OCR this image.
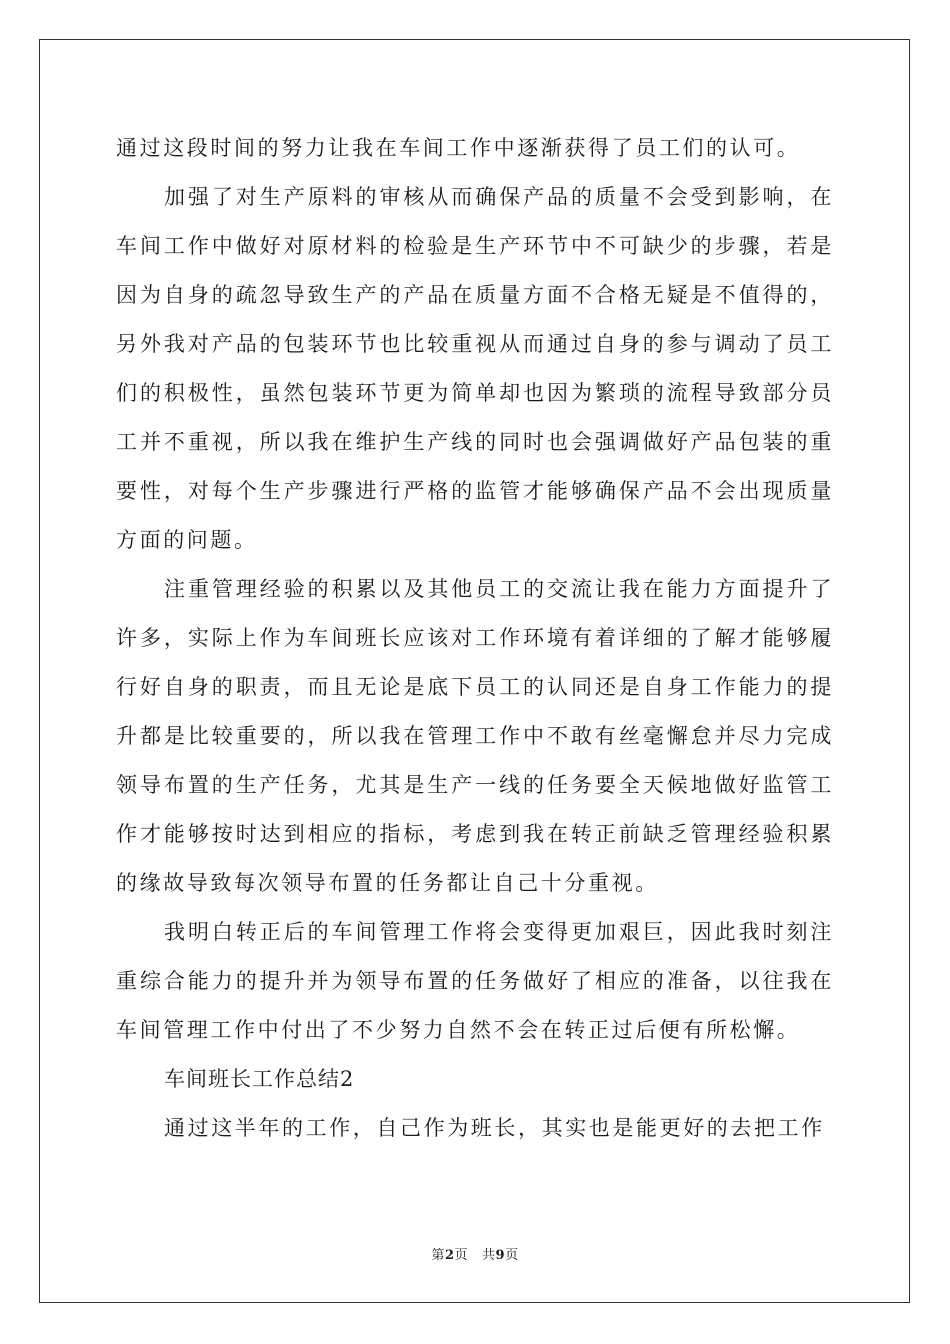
通过这段时间的努力让我在车间工作中逐渐获得了员工们的认可。

加强了对生产原料的审核从而确保产品的质量不会受到影响，在车间工作中做好对原材料的检验是生产环节中不可缺少的步骤，若是因为自身的疏忽导致生产的产品在质量方面不合格无疑是不值得的，另外我对产品的包装环节也比较重视从而通过自身的参与调动了员工们的积极性，虽然包装环节更为简单却也因为繁琐的流程导致部分员工并不重视，所以我在维护生产线的同时也会强调做好产品包装的重要性，对每个生产步骤进行严格的监管才能够确保产品不会出现质量方面的问题。

注重管理经验的积累以及其他员工的交流让我在能力方面提升了许多，实际上作为车间班长应该对工作环境有着详细的了解才能够履行好自身的职责，而且无论是底下员工的认同还是自身工作能力的提升都是比较重要的，所以我在管理工作中不敢有丝毫懈怠并尽力完成领导布置的生产任务，尤其是生产一线的任务要全天候地做好监管工作才能够按时达到相应的指标，考虑到我在转正前缺乏管理经验积累的缘故导致每次领导布置的任务都让自己十分重视。

我明白转正后的车间管理工作将会变得更加艰巨，因此我时刻注重综合能力的提升并为领导布置的任务做好了相应的准备，以往我在车间管理工作中付出了不少努力自然不会在转正过后便有所松懈。

车间班长工作总结2

通过这半年的工作，自己作为班长，其实也是能更好的去把工作

第2页 共9页
